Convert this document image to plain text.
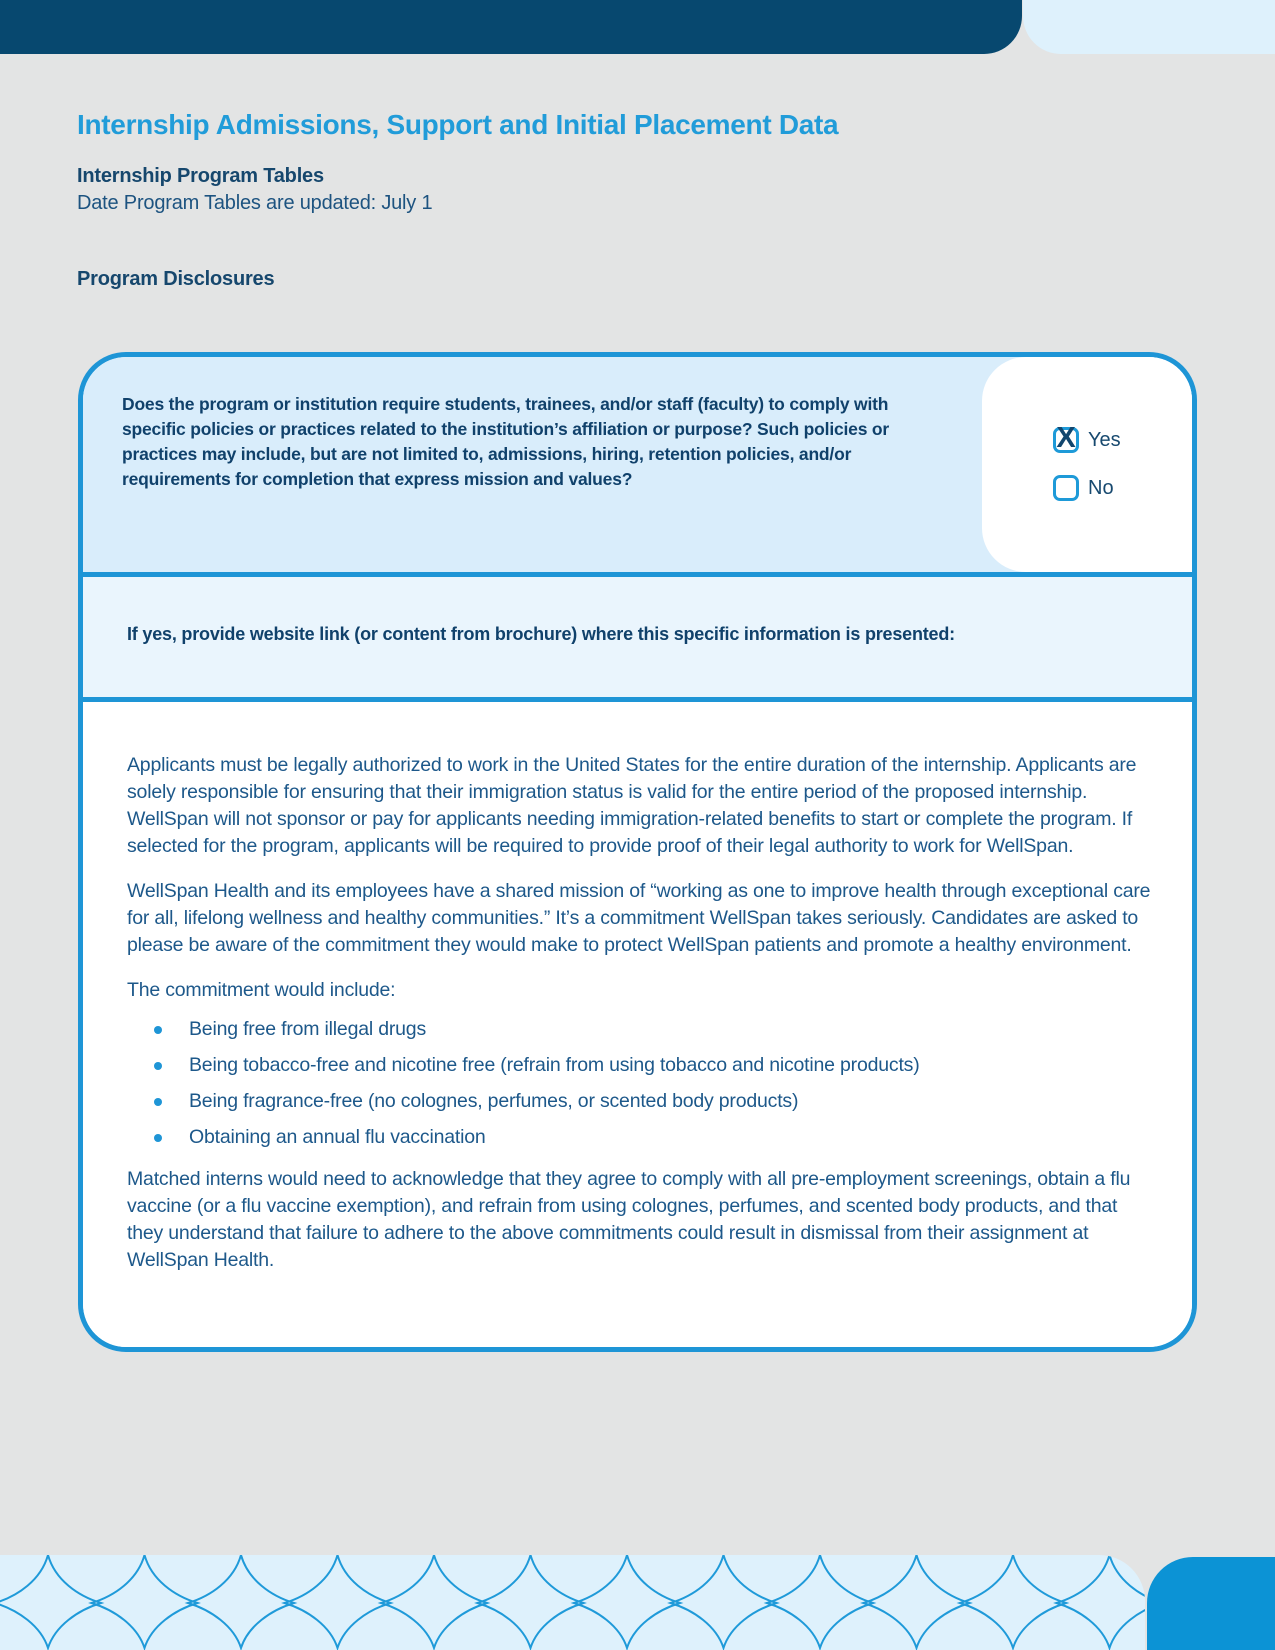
Internship Admissions, Support and Initial Placement Data
Internship Program Tables
Date Program Tables are updated: July 1
Program Disclosures
Does the program or institution require students, trainees, and/or staff (faculty) to comply with specific policies or practices related to the institution’s affiliation or purpose? Such policies or practices may include, but are not limited to, admissions, hiring, retention policies, and/or requirements for completion that express mission and values?
X Yes
No
If yes, provide website link (or content from brochure) where this specific information is presented:

Applicants must be legally authorized to work in the United States for the entire duration of the internship. Applicants are solely responsible for ensuring that their immigration status is valid for the entire period of the proposed internship. WellSpan will not sponsor or pay for applicants needing immigration-related benefits to start or complete the program. If selected for the program, applicants will be required to provide proof of their legal authority to work for WellSpan.

WellSpan Health and its employees have a shared mission of “working as one to improve health through exceptional care for all, lifelong wellness and healthy communities.” It’s a commitment WellSpan takes seriously. Candidates are asked to please be aware of the commitment they would make to protect WellSpan patients and promote a healthy environment.

The commitment would include:

Being free from illegal drugs
Being tobacco-free and nicotine free (refrain from using tobacco and nicotine products)
Being fragrance-free (no colognes, perfumes, or scented body products)
Obtaining an annual flu vaccination

Matched interns would need to acknowledge that they agree to comply with all pre-employment screenings, obtain a flu vaccine (or a flu vaccine exemption), and refrain from using colognes, perfumes, and scented body products, and that they understand that failure to adhere to the above commitments could result in dismissal from their assignment at WellSpan Health.
